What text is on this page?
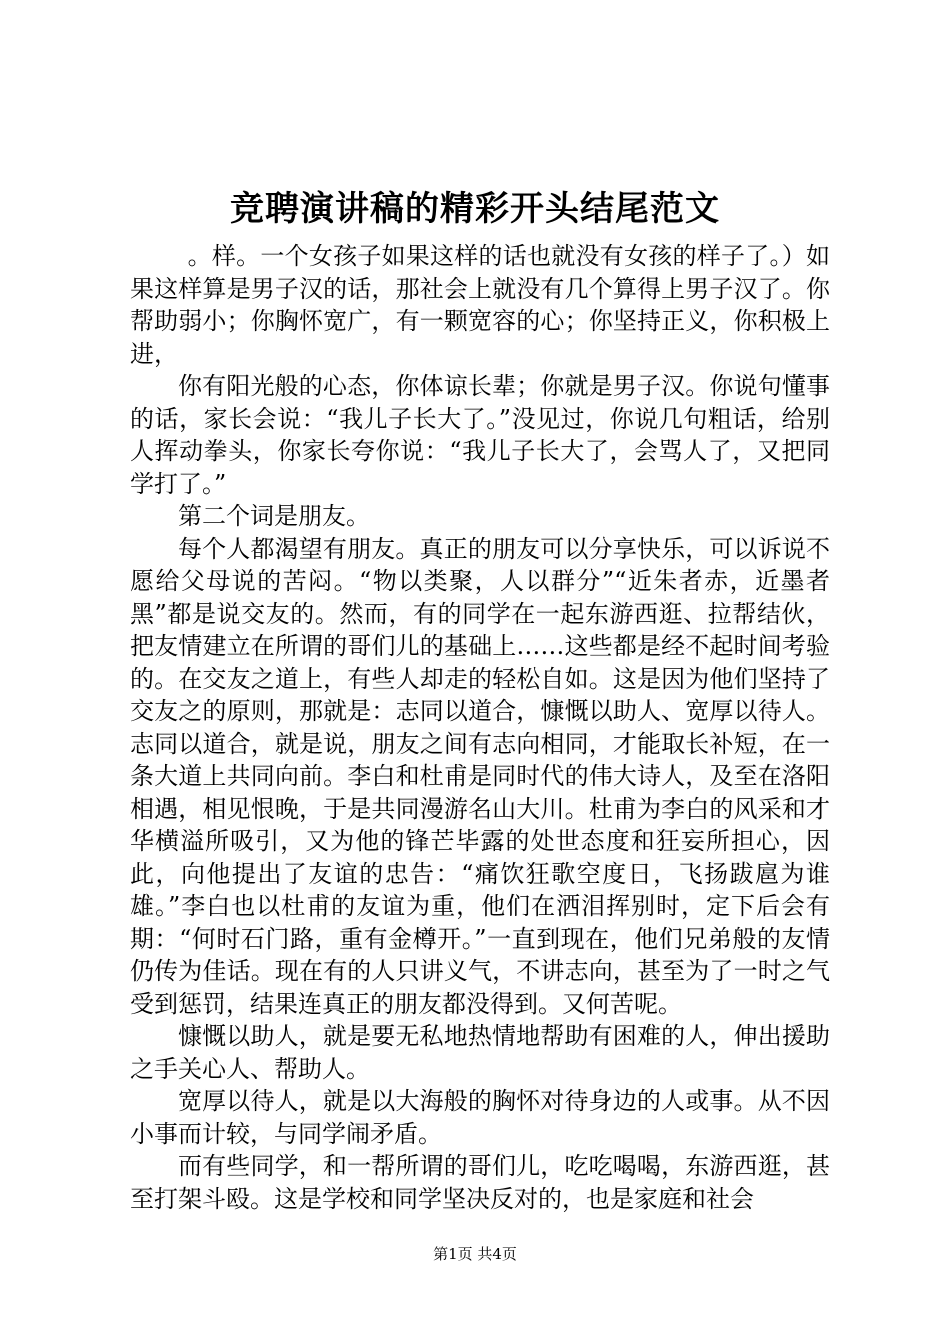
竞聘演讲稿的精彩开头结尾范文

。样。一个女孩子如果这样的话也就没有女孩的样子了。）如果这样算是男子汉的话，那社会上就没有几个算得上男子汉了。你帮助弱小；你胸怀宽广，有一颗宽容的心；你坚持正义，你积极上进，

你有阳光般的心态，你体谅长辈；你就是男子汉。你说句懂事的话，家长会说：“我儿子长大了。”没见过，你说几句粗话，给别人挥动拳头，你家长夸你说：“我儿子长大了，会骂人了，又把同学打了。”

第二个词是朋友。

每个人都渴望有朋友。真正的朋友可以分享快乐，可以诉说不愿给父母说的苦闷。“物以类聚，人以群分”“近朱者赤，近墨者黑”都是说交友的。然而，有的同学在一起东游西逛、拉帮结伙，把友情建立在所谓的哥们儿的基础上……这些都是经不起时间考验的。在交友之道上，有些人却走的轻松自如。这是因为他们坚持了交友之的原则，那就是：志同以道合，慷慨以助人、宽厚以待人。志同以道合，就是说，朋友之间有志向相同，才能取长补短，在一条大道上共同向前。李白和杜甫是同时代的伟大诗人，及至在洛阳相遇，相见恨晚，于是共同漫游名山大川。杜甫为李白的风采和才华横溢所吸引，又为他的锋芒毕露的处世态度和狂妄所担心，因此，向他提出了友谊的忠告：“痛饮狂歌空度日，飞扬跋扈为谁雄。”李白也以杜甫的友谊为重，他们在洒泪挥别时，定下后会有期：“何时石门路，重有金樽开。”一直到现在，他们兄弟般的友情仍传为佳话。现在有的人只讲义气，不讲志向，甚至为了一时之气受到惩罚，结果连真正的朋友都没得到。又何苦呢。

慷慨以助人，就是要无私地热情地帮助有困难的人，伸出援助之手关心人、帮助人。

宽厚以待人，就是以大海般的胸怀对待身边的人或事。从不因小事而计较，与同学闹矛盾。

而有些同学，和一帮所谓的哥们儿，吃吃喝喝，东游西逛，甚至打架斗殴。这是学校和同学坚决反对的，也是家庭和社会

第1页 共4页
